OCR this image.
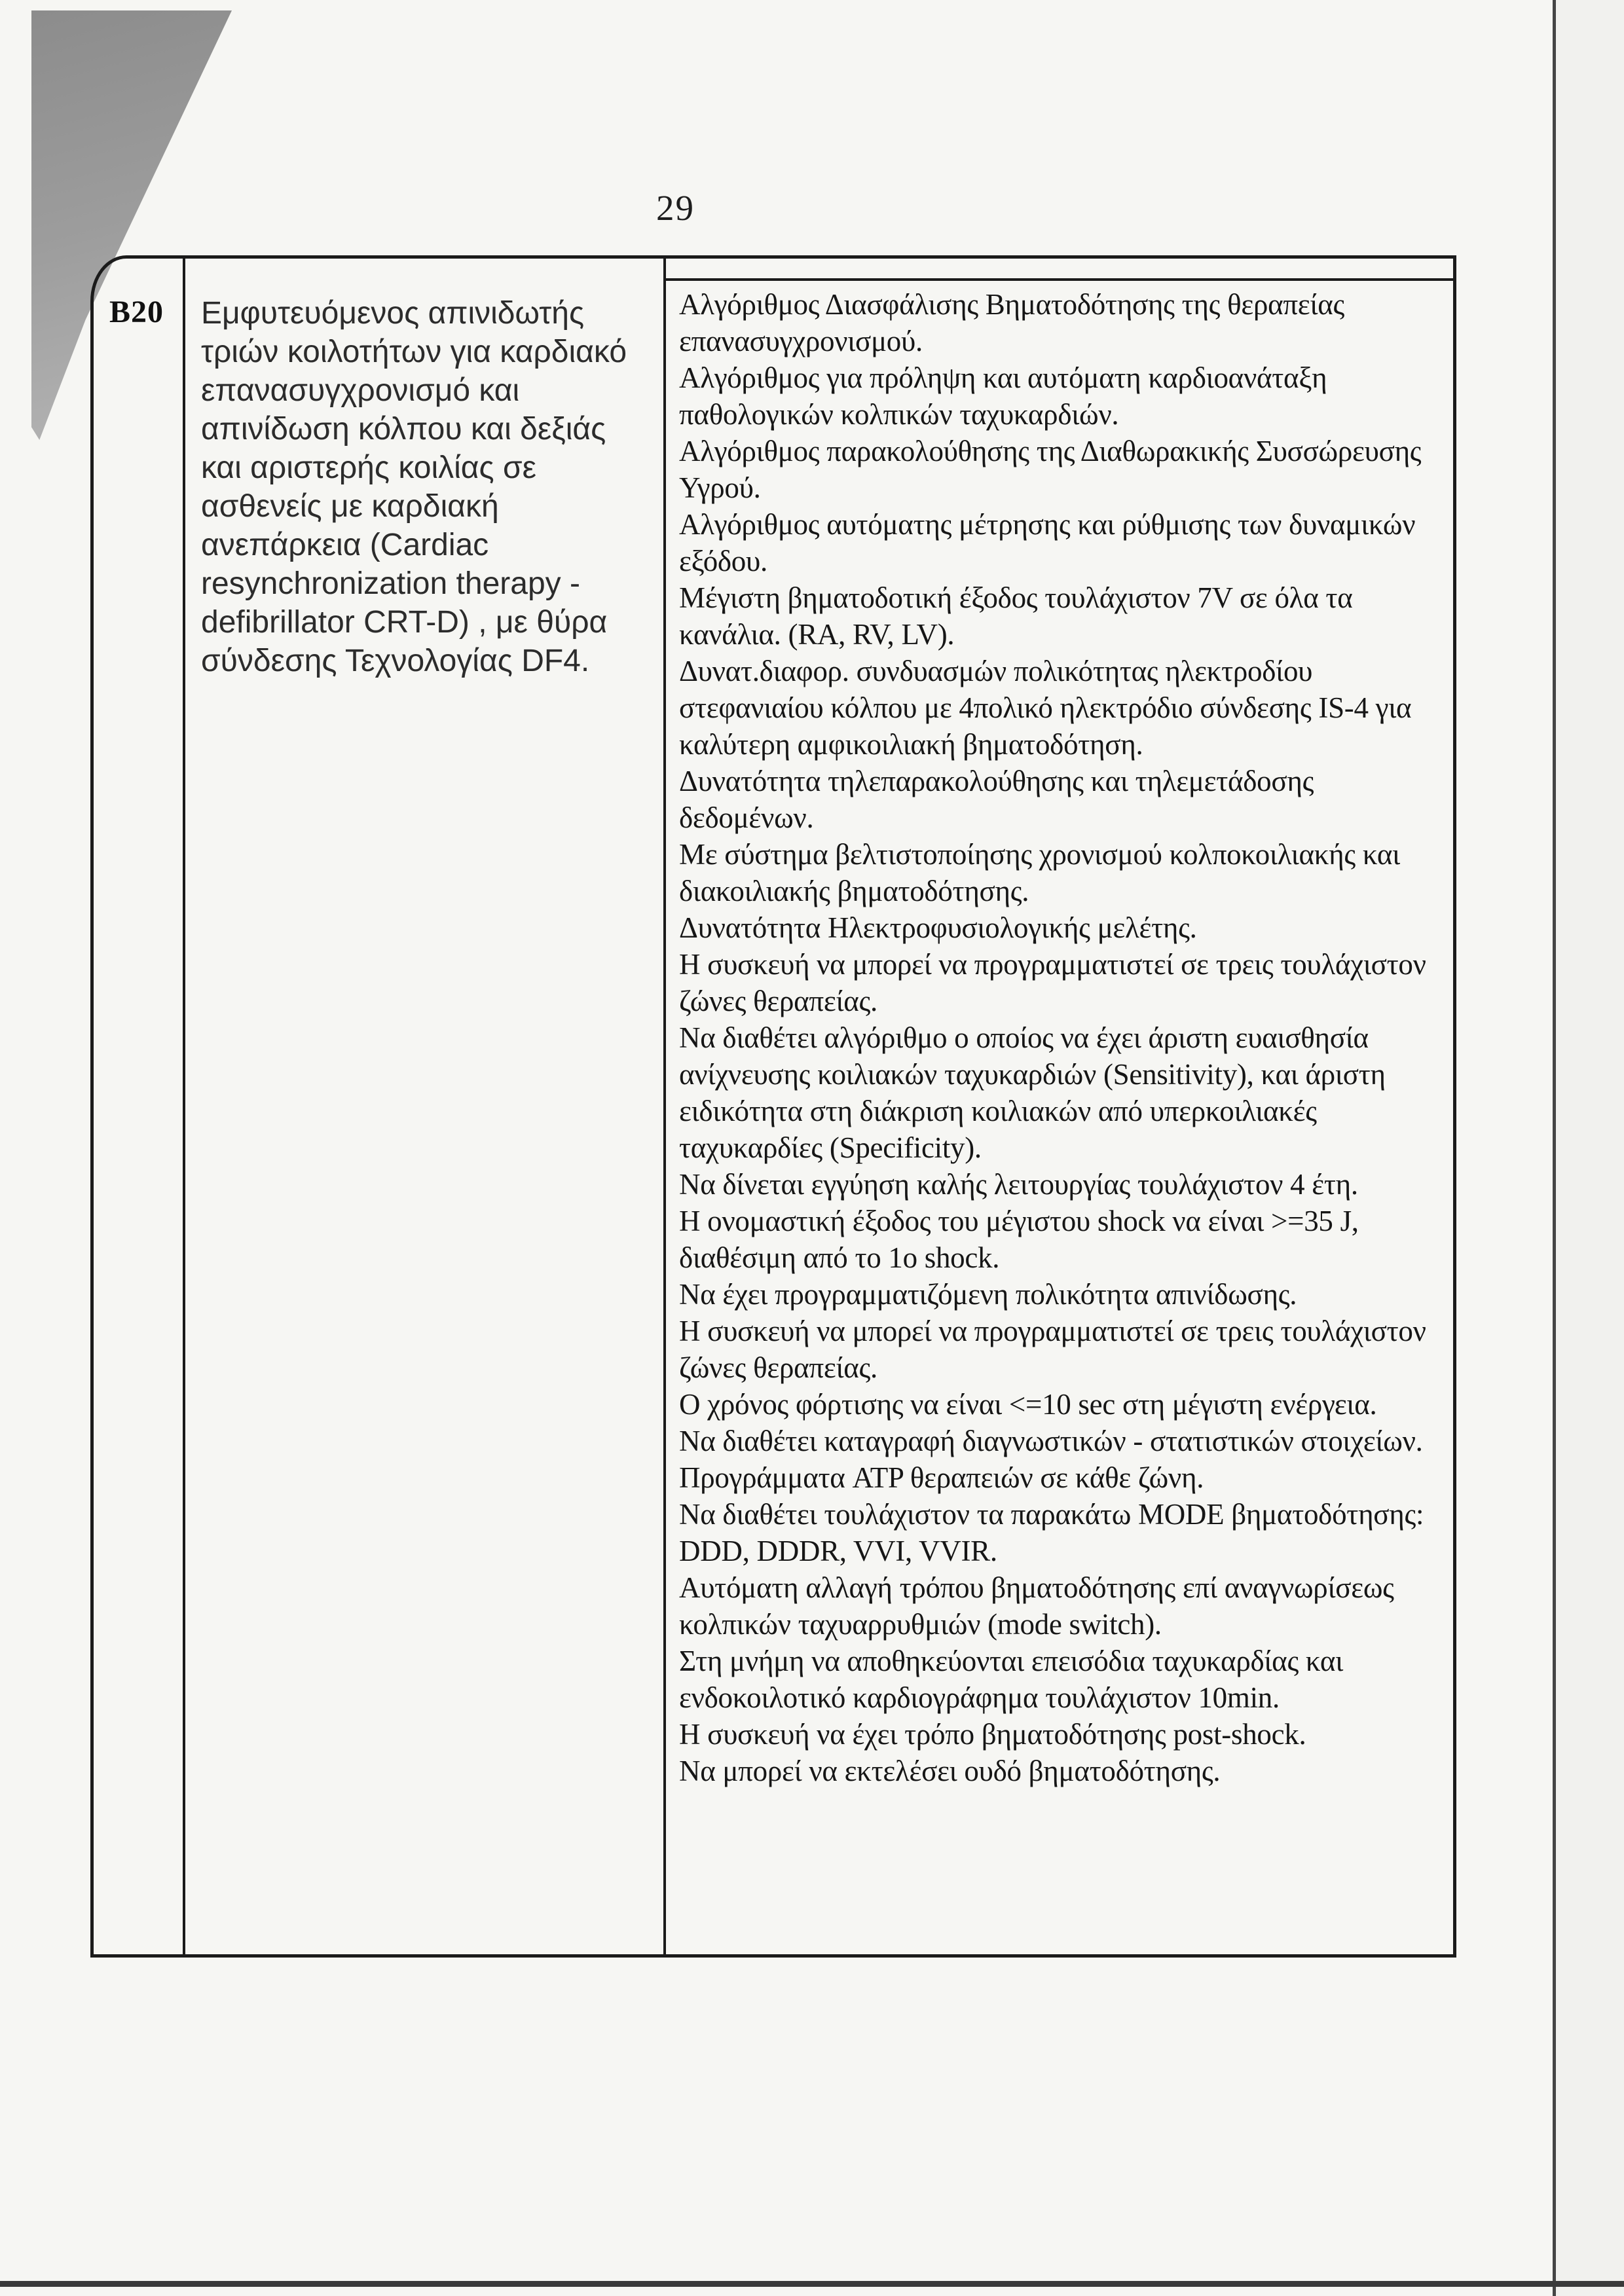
29
B20 Εμφυτευόμενος απινιδωτής τριών κοιλοτήτων για καρδιακό επανασυγχρονισμό και απινίδωση κόλπου και δεξιάς και αριστερής κοιλίας σε ασθενείς με καρδιακή ανεπάρκεια (Cardiac resynchronization therapy -defibrillator CRT-D) , με θύρα σύνδεσης Τεχνολογίας DF4.

Αλγόριθμος Διασφάλισης Βηματοδότησης της θεραπείας επανασυγχρονισμού.

Αλγόριθμος για πρόληψη και αυτόματη καρδιοανάταξη παθολογικών κολπικών ταχυκαρδιών.

Αλγόριθμος παρακολούθησης της Διαθωρακικής Συσσώρευσης Υγρού.

Αλγόριθμος αυτόματης μέτρησης και ρύθμισης των δυναμικών εξόδου.

Μέγιστη βηματοδοτική έξοδος τουλάχιστον 7V σε όλα τα κανάλια. (RA, RV, LV).

Δυνατ.διαφορ. συνδυασμών πολικότητας ηλεκτροδίου στεφανιαίου κόλπου με 4πολικό ηλεκτρόδιο σύνδεσης IS-4 για καλύτερη αμφικοιλιακή βηματοδότηση.

Δυνατότητα τηλεπαρακολούθησης και τηλεμετάδοσης δεδομένων.

Με σύστημα βελτιστοποίησης χρονισμού κολποκοιλιακής και διακοιλιακής βηματοδότησης.

Δυνατότητα Ηλεκτροφυσιολογικής μελέτης.

Η συσκευή να μπορεί να προγραμματιστεί σε τρεις τουλάχιστον ζώνες θεραπείας.

Να διαθέτει αλγόριθμο ο οποίος να έχει άριστη ευαισθησία ανίχνευσης κοιλιακών ταχυκαρδιών (Sensitivity), και άριστη ειδικότητα στη διάκριση κοιλιακών από υπερκοιλιακές ταχυκαρδίες (Specificity).

Να δίνεται εγγύηση καλής λειτουργίας τουλάχιστον 4 έτη.

Η ονομαστική έξοδος του μέγιστου shock να είναι >=35 J, διαθέσιμη από το 1ο shock.

Να έχει προγραμματιζόμενη πολικότητα απινίδωσης.

Η συσκευή να μπορεί να προγραμματιστεί σε τρεις τουλάχιστον ζώνες θεραπείας.

Ο χρόνος φόρτισης να είναι <=10 sec στη μέγιστη ενέργεια.

Να διαθέτει καταγραφή διαγνωστικών - στατιστικών στοιχείων.

Προγράμματα ATP θεραπειών σε κάθε ζώνη.

Να διαθέτει τουλάχιστον τα παρακάτω MODE βηματοδότησης: DDD, DDDR, VVI, VVIR.

Αυτόματη αλλαγή τρόπου βηματοδότησης επί αναγνωρίσεως κολπικών ταχυαρρυθμιών (mode switch).

Στη μνήμη να αποθηκεύονται επεισόδια ταχυκαρδίας και ενδοκοιλοτικό καρδιογράφημα τουλάχιστον 10min.

Η συσκευή να έχει τρόπο βηματοδότησης post-shock.

Να μπορεί να εκτελέσει ουδό βηματοδότησης.
